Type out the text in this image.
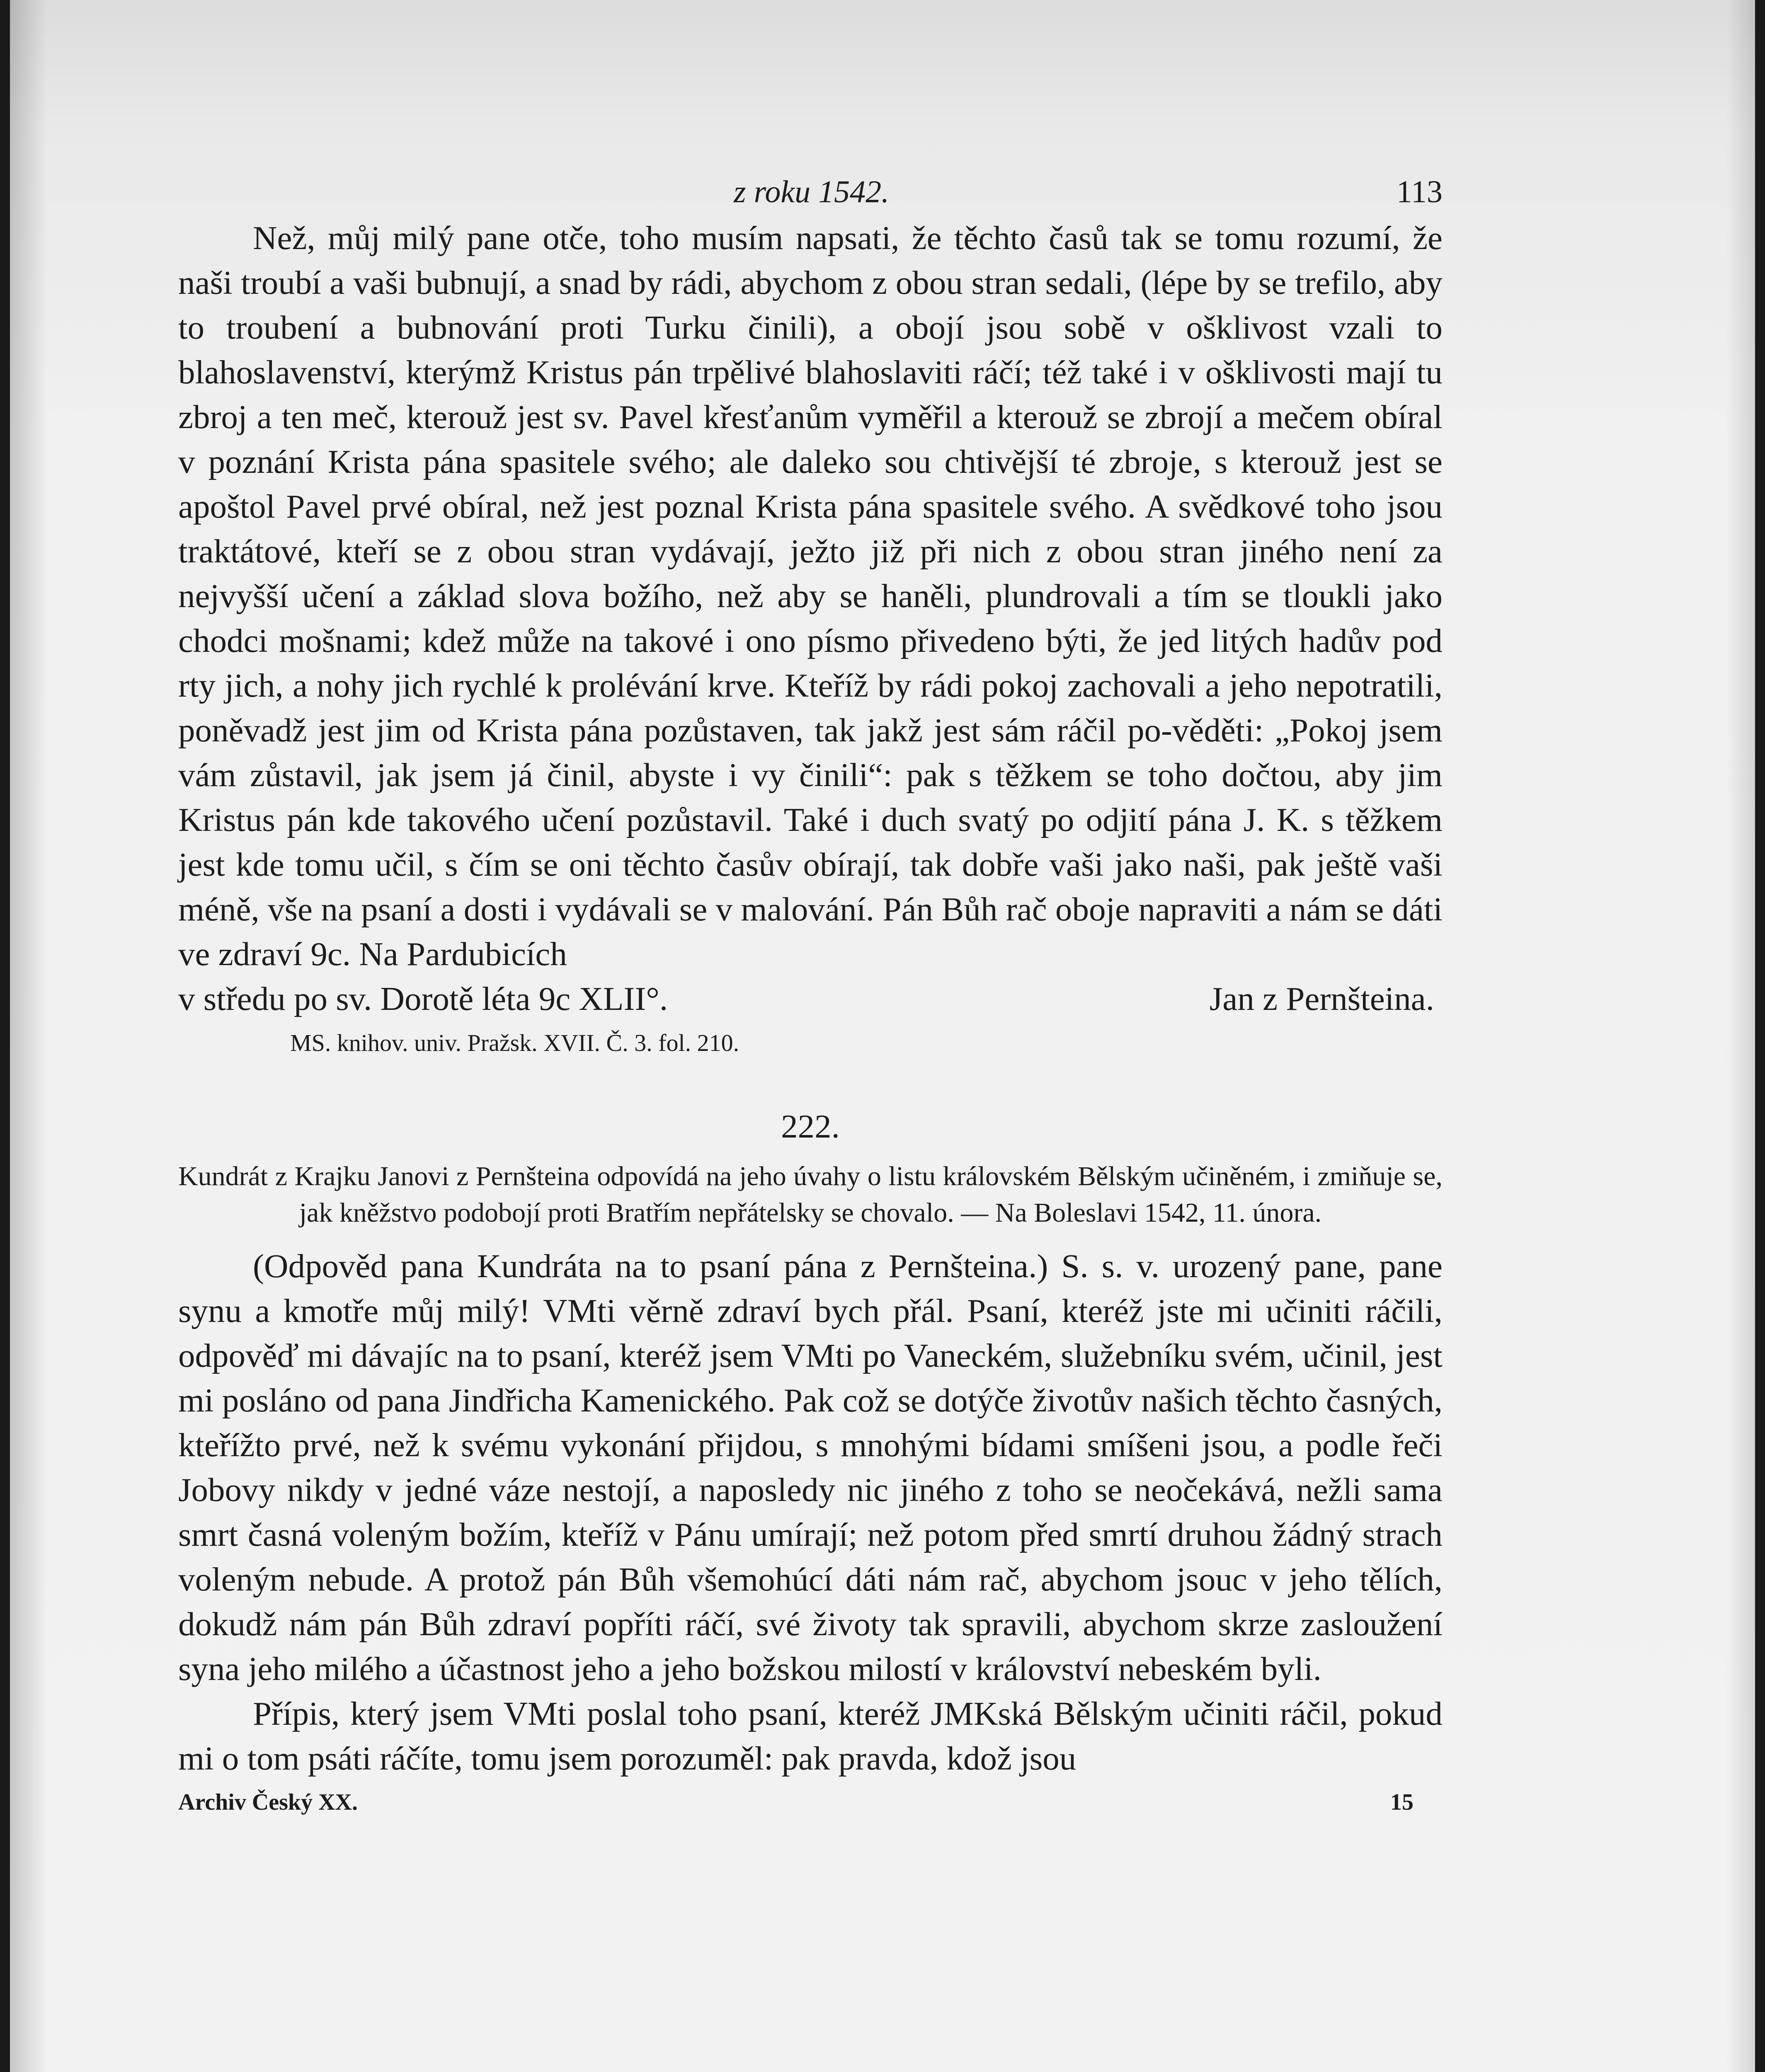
z roku 1542.	113

Než, můj milý pane otče, toho musím napsati, že těchto časů tak se tomu rozumí, že naši troubí a vaši bubnují, a snad by rádi, abychom z obou stran sedali, (lépe by se trefilo, aby to troubení a bubnování proti Turku činili), a obojí jsou sobě v ošklivost vzali to blahoslavenství, kterýmž Kristus pán trpělivé blahoslaviti ráčí; též také i v ošklivosti mají tu zbroj a ten meč, kterouž jest sv. Pavel křesťanům vyměřil a kterouž se zbrojí a mečem obíral v poznání Krista pána spasitele svého; ale daleko sou chtivější té zbroje, s kterouž jest se apoštol Pavel prvé obíral, než jest poznal Krista pána spasitele svého. A svědkové toho jsou traktátové, kteří se z obou stran vydávají, ježto již při nich z obou stran jiného není za nejvyšší učení a základ slova božího, než aby se haněli, plundrovali a tím se tloukli jako chodci mošnami; kdež může na takové i ono písmo přivedeno býti, že jed litých hadův pod rty jich, a nohy jich rychlé k prolévání krve. Kteříž by rádi pokoj zachovali a jeho nepotratili, poněvadž jest jim od Krista pána pozůstaven, tak jakž jest sám ráčil po-věděti: „Pokoj jsem vám zůstavil, jak jsem já činil, abyste i vy činili“: pak s těžkem se toho dočtou, aby jim Kristus pán kde takového učení pozůstavil. Také i duch svatý po odjití pána J. K. s těžkem jest kde tomu učil, s čím se oni těchto časův obírají, tak dobře vaši jako naši, pak ještě vaši méně, vše na psaní a dosti i vydávali se v malování. Pán Bůh rač oboje napraviti a nám se dáti ve zdraví 9c. Na Pardubicích

v středu po sv. Dorotě léta 9c XLII°.	Jan z Pernšteina.
MS. knihov. univ. Pražsk. XVII. Č. 3. fol. 210.
222.
Kundrát z Krajku Janovi z Pernšteina odpovídá na jeho úvahy o listu královském Bělským učiněném, i zmiňuje se, jak kněžstvo podobojí proti Bratřím nepřátelsky se chovalo. — Na Boleslavi 1542, 11. února.

(Odpověd pana Kundráta na to psaní pána z Pernšteina.) S. s. v. urozený pane, pane synu a kmotře můj milý! VMti věrně zdraví bych přál. Psaní, kteréž jste mi učiniti ráčili, odpověď mi dávajíc na to psaní, kteréž jsem VMti po Vaneckém, služebníku svém, učinil, jest mi posláno od pana Jindřicha Kamenického. Pak což se dotýče životův našich těchto časných, kteřížto prvé, než k svému vykonání přijdou, s mnohými bídami smíšeni jsou, a podle řeči Jobovy nikdy v jedné váze nestojí, a naposledy nic jiného z toho se neočekává, nežli sama smrt časná voleným božím, kteříž v Pánu umírají; než potom před smrtí druhou žádný strach voleným nebude. A protož pán Bůh všemohúcí dáti nám rač, abychom jsouc v jeho tělích, dokudž nám pán Bůh zdraví popříti ráčí, své životy tak spravili, abychom skrze zasloužení syna jeho milého a účastnost jeho a jeho božskou milostí v království nebeském byli.

Přípis, který jsem VMti poslal toho psaní, kteréž JMKská Bělským učiniti ráčil, pokud mi o tom psáti ráčíte, tomu jsem porozuměl: pak pravda, kdož jsou

Archiv Český XX.	15
